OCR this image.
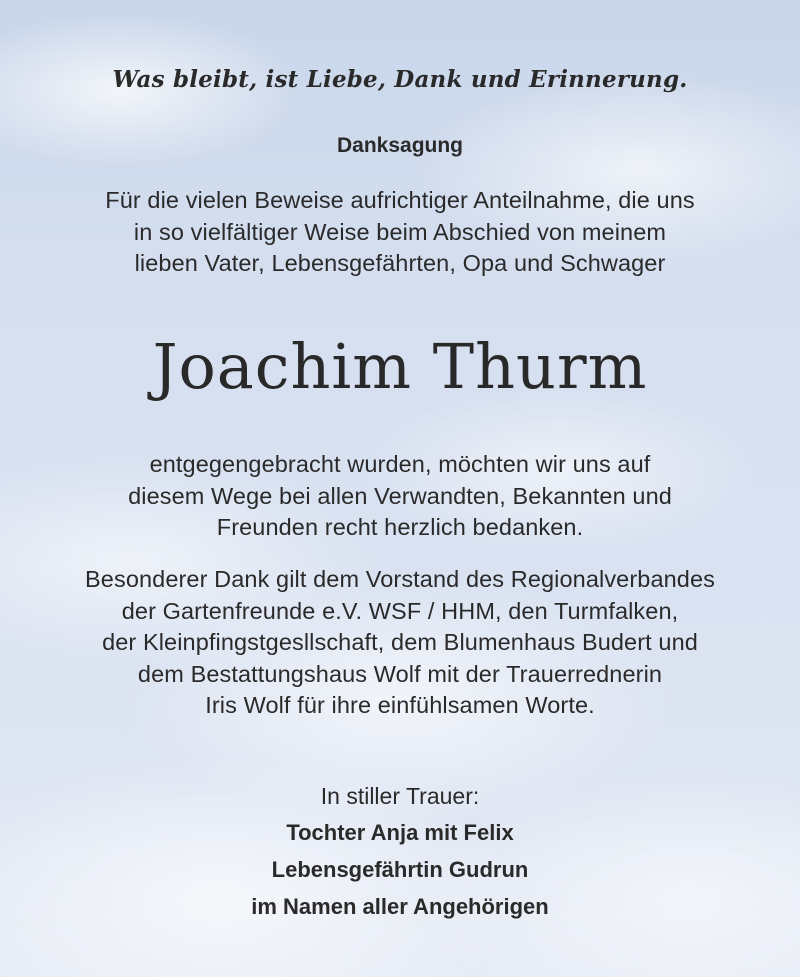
Was bleibt, ist Liebe, Dank und Erinnerung.
Danksagung
Für die vielen Beweise aufrichtiger Anteilnahme, die uns
in so vielfältiger Weise beim Abschied von meinem
lieben Vater, Lebensgefährten, Opa und Schwager
Joachim Thurm
entgegengebracht wurden, möchten wir uns auf
diesem Wege bei allen Verwandten, Bekannten und
Freunden recht herzlich bedanken.
Besonderer Dank gilt dem Vorstand des Regionalverbandes
der Gartenfreunde e.V. WSF / HHM, den Turmfalken,
der Kleinpfingstgesllschaft, dem Blumenhaus Budert und
dem Bestattungshaus Wolf mit der Trauerrednerin
Iris Wolf für ihre einfühlsamen Worte.
In stiller Trauer:
Tochter Anja mit Felix
Lebensgefährtin Gudrun
im Namen aller Angehörigen
